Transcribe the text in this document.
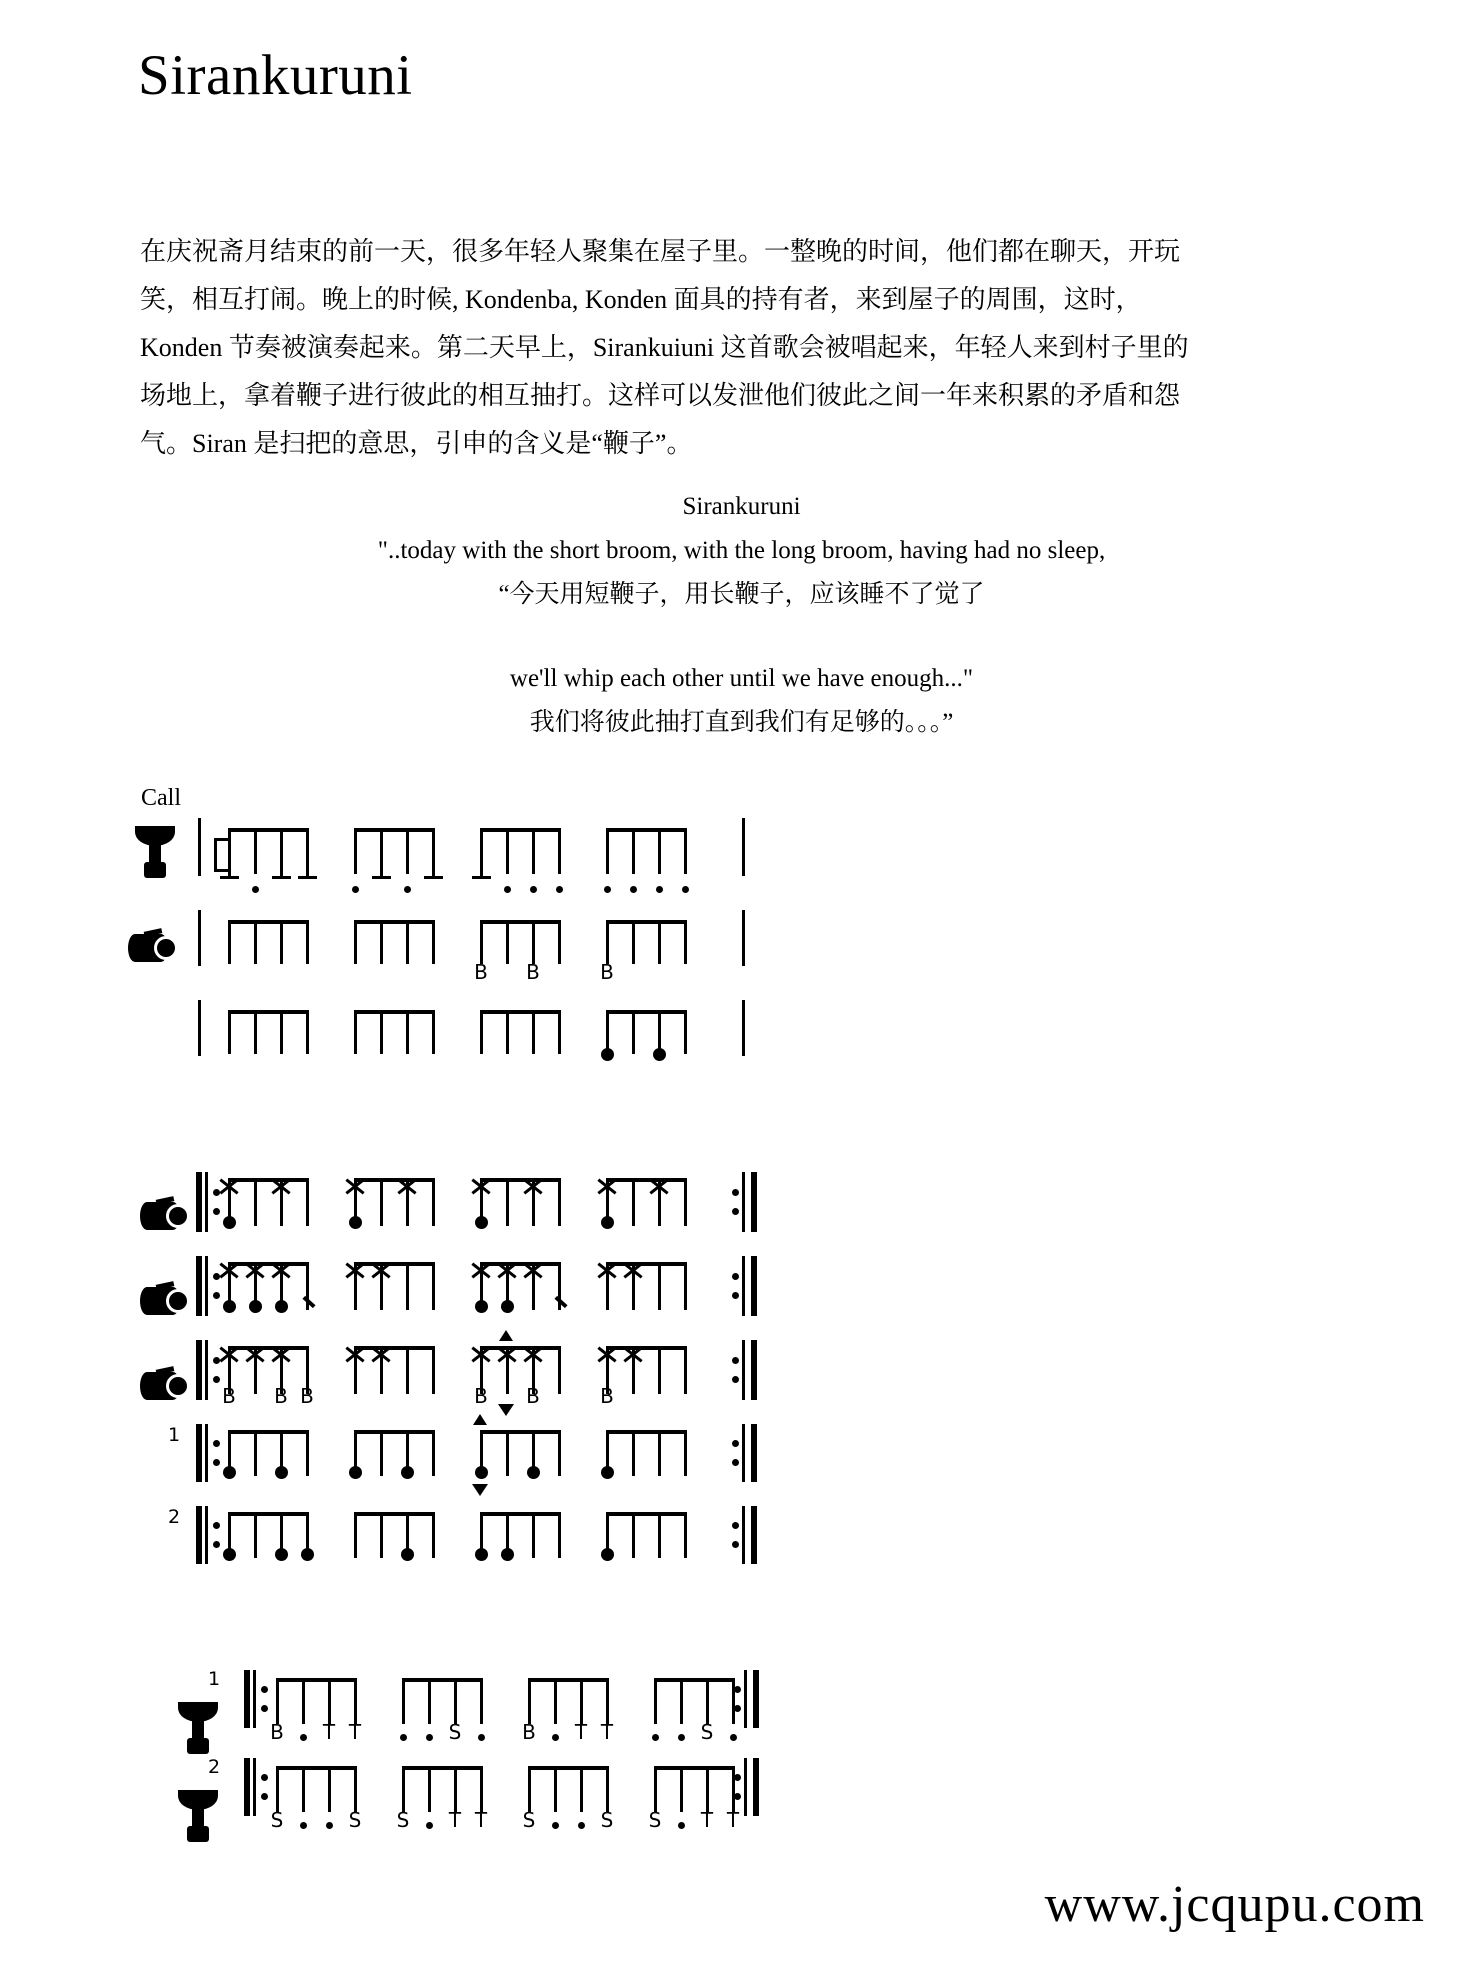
Sirankuruni
在庆祝斋月结束的前一天，很多年轻人聚集在屋子里。一整晚的时间，他们都在聊天，开玩
笑，相互打闹。晚上的时候, Kondenba, Konden 面具的持有者，来到屋子的周围，这时，
Konden 节奏被演奏起来。第二天早上，Sirankuiuni 这首歌会被唱起来，年轻人来到村子里的
场地上，拿着鞭子进行彼此的相互抽打。这样可以发泄他们彼此之间一年来积累的矛盾和怨
气。Siran 是扫把的意思，引申的含义是“鞭子”。
Sirankuruni
"..today with the short broom, with the long broom, having had no sleep,
“今天用短鞭子，用长鞭子，应该睡不了觉了
we'll whip each other until we have enough..."
我们将彼此抽打直到我们有足够的。。。”
Call
B B	B
B B B	B B	B
1
2
1
B T T	S	B T T	S
2
S	S S T T S	S S T T
www.jcqupu.com
